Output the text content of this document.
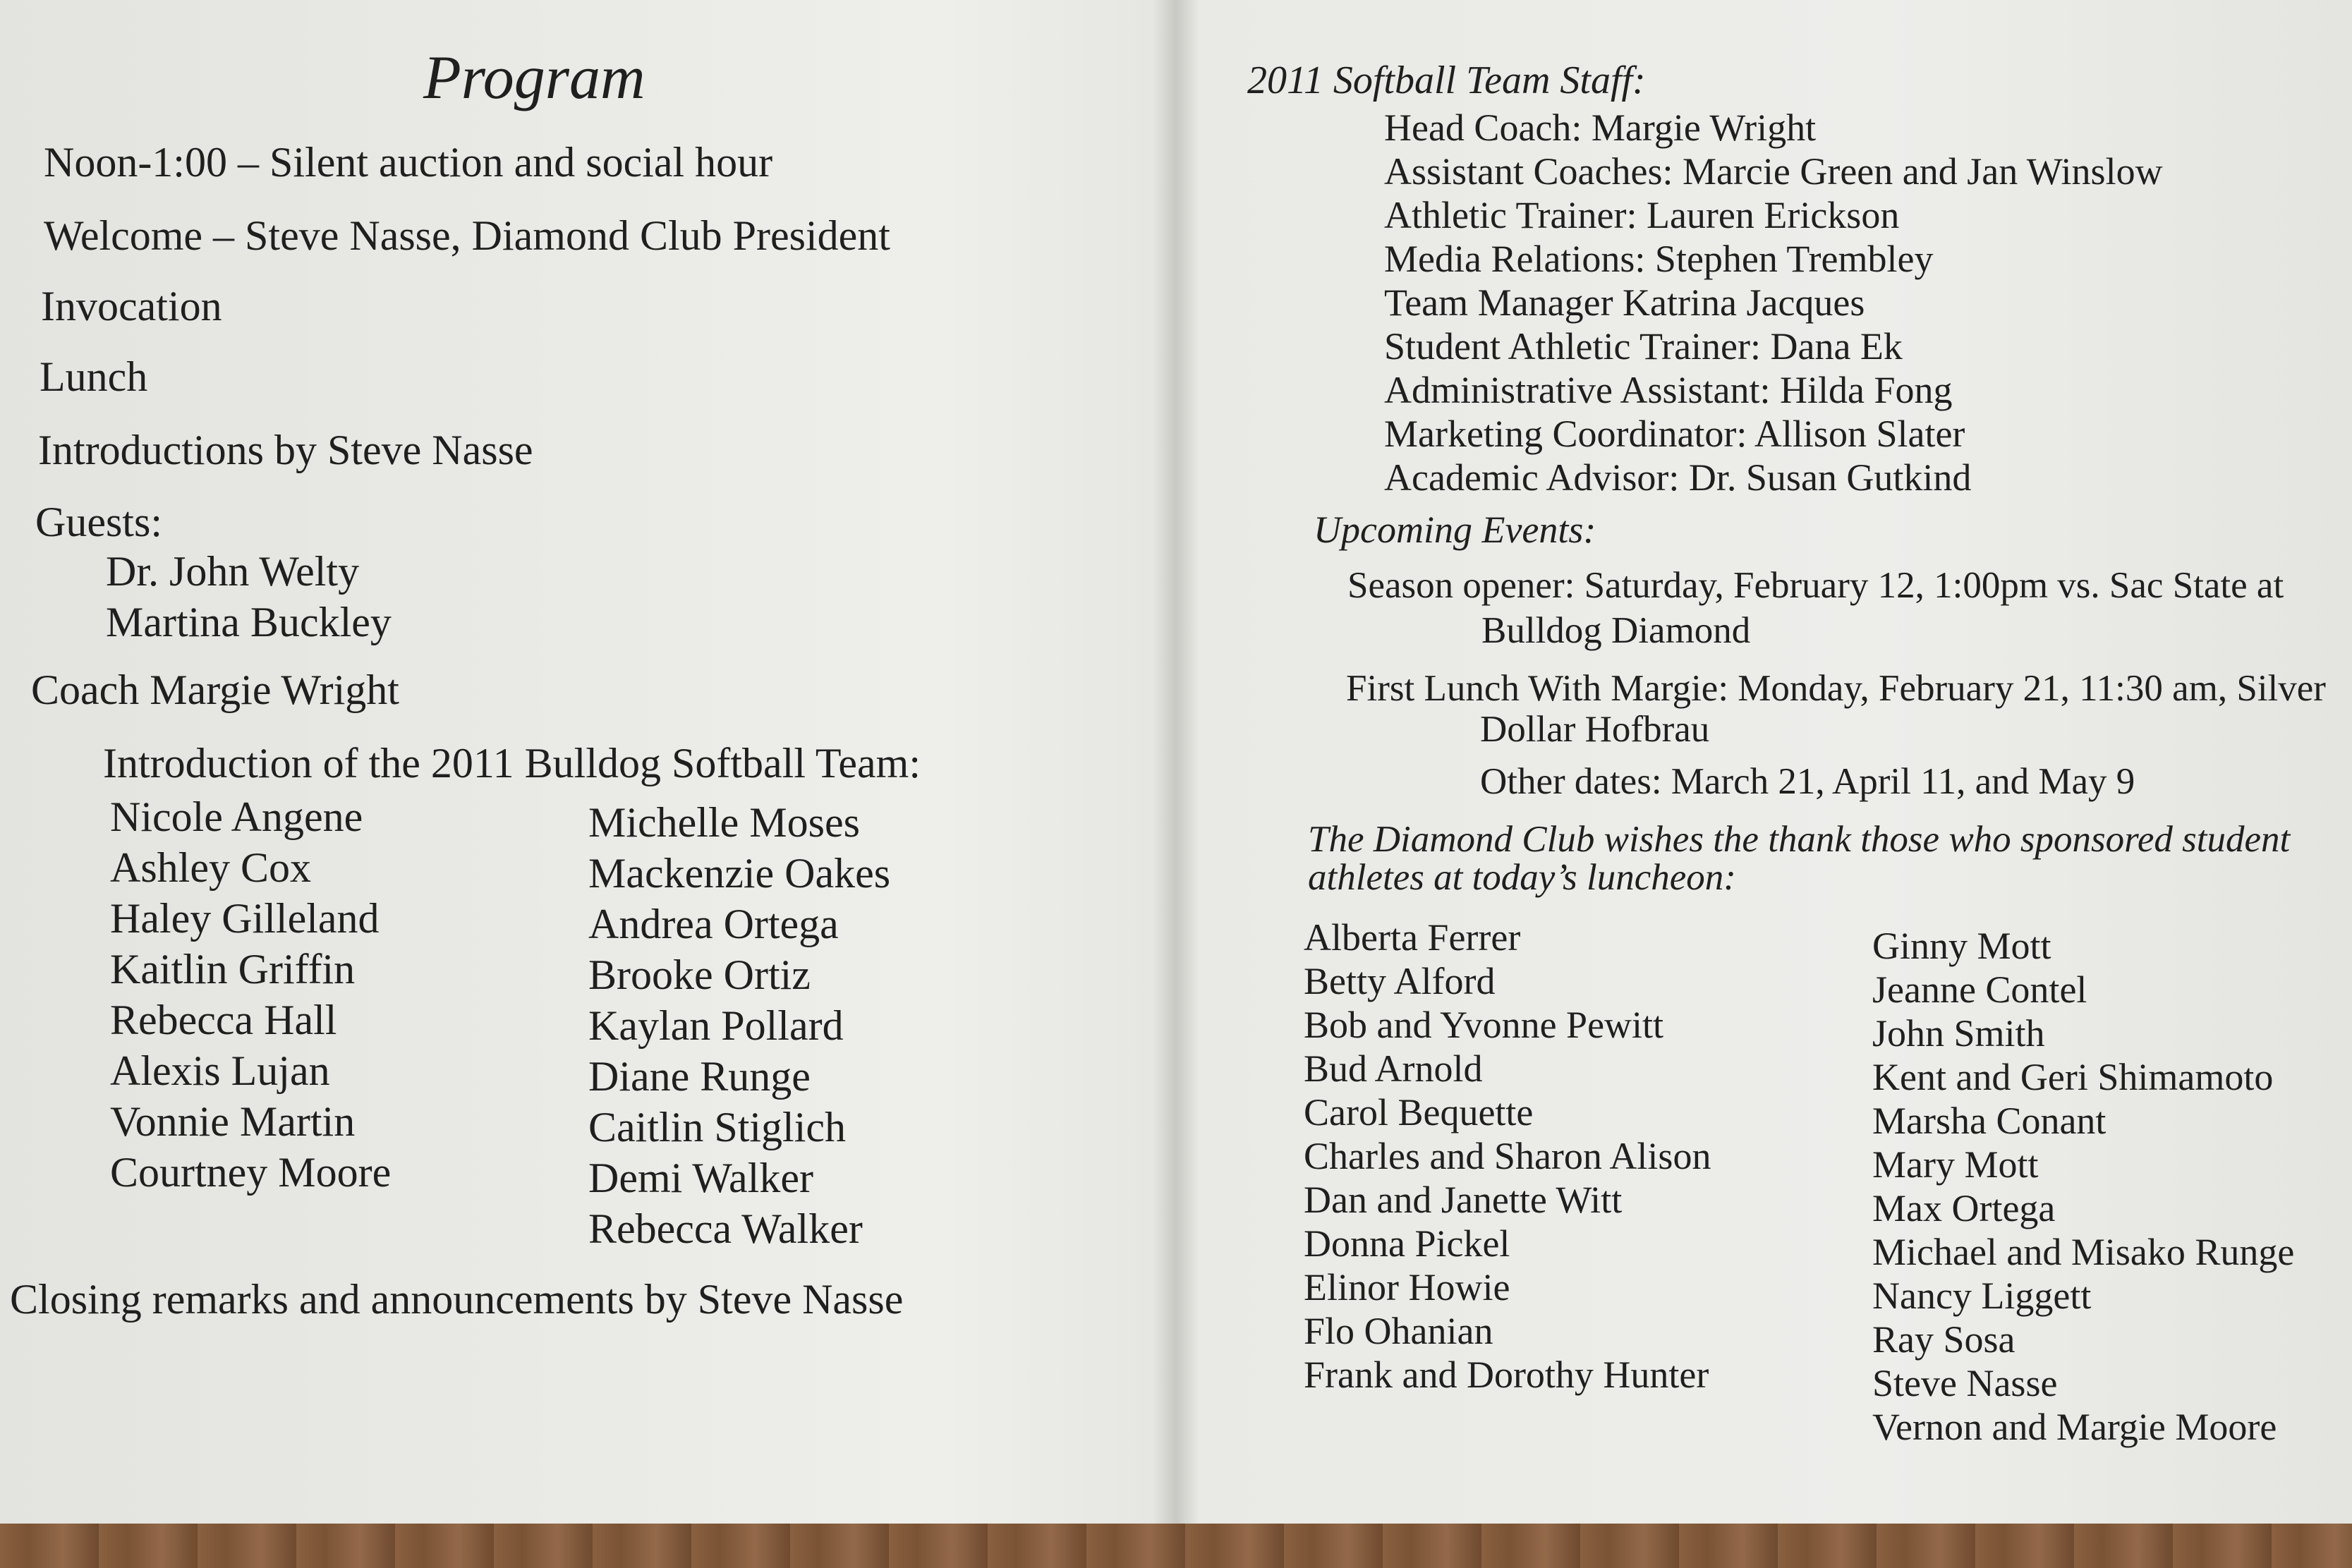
Program
Noon-1:00 – Silent auction and social hour
Welcome – Steve Nasse, Diamond Club President
Invocation
Lunch
Introductions by Steve Nasse
Guests:
Dr. John Welty
Martina Buckley
Coach Margie Wright
Introduction of the 2011 Bulldog Softball Team:
Nicole Angene
Ashley Cox
Haley Gilleland
Kaitlin Griffin
Rebecca Hall
Alexis Lujan
Vonnie Martin
Courtney Moore
Michelle Moses
Mackenzie Oakes
Andrea Ortega
Brooke Ortiz
Kaylan Pollard
Diane Runge
Caitlin Stiglich
Demi Walker
Rebecca Walker
Closing remarks and announcements by Steve Nasse
2011 Softball Team Staff:
Head Coach: Margie Wright
Assistant Coaches: Marcie Green and Jan Winslow
Athletic Trainer: Lauren Erickson
Media Relations: Stephen Trembley
Team Manager Katrina Jacques
Student Athletic Trainer: Dana Ek
Administrative Assistant: Hilda Fong
Marketing Coordinator: Allison Slater
Academic Advisor: Dr. Susan Gutkind
Upcoming Events:
Season opener: Saturday, February 12, 1:00pm vs. Sac State at
Bulldog Diamond
First Lunch With Margie: Monday, February 21, 11:30 am, Silver
Dollar Hofbrau
Other dates: March 21, April 11, and May 9
The Diamond Club wishes the thank those who sponsored student
athletes at today’s luncheon:
Alberta Ferrer
Betty Alford
Bob and Yvonne Pewitt
Bud Arnold
Carol Bequette
Charles and Sharon Alison
Dan and Janette Witt
Donna Pickel
Elinor Howie
Flo Ohanian
Frank and Dorothy Hunter
Ginny Mott
Jeanne Contel
John Smith
Kent and Geri Shimamoto
Marsha Conant
Mary Mott
Max Ortega
Michael and Misako Runge
Nancy Liggett
Ray Sosa
Steve Nasse
Vernon and Margie Moore
